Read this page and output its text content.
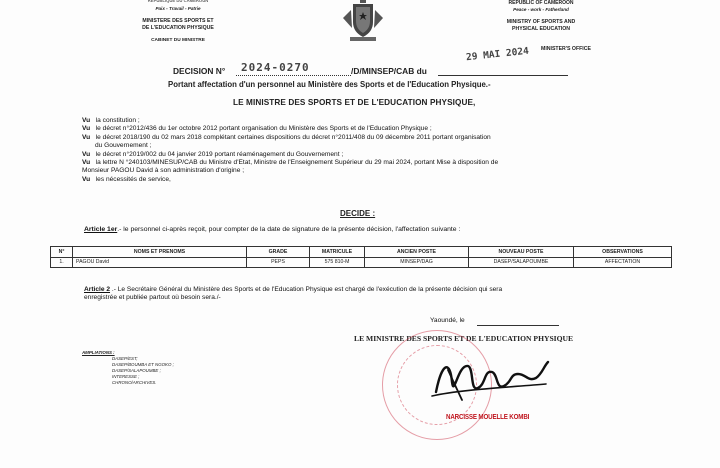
REPUBLIQUE DU CAMEROUN
Paix - Travail - Patrie
MINISTERE DES SPORTS ET
DE L'EDUCATION PHYSIQUE
CABINET DU MINISTRE
REPUBLIC OF CAMEROON
Peace - work - Fatherland
MINISTRY OF SPORTS AND
PHYSICAL EDUCATION
29 MAI 2024 MINISTER'S OFFICE
DECISION N° 2024-0270	/D/MINSEP/CAB du
Portant affectation d'un personnel au Ministère des Sports et de l'Education Physique.-
LE MINISTRE DES SPORTS ET DE L'EDUCATION PHYSIQUE,
Vu la constitution ;
Vu le décret n°2012/436 du 1er octobre 2012 portant organisation du Ministère des Sports et de l'Education Physique ;
Vu le décret 2018/190 du 02 mars 2018 complétant certaines dispositions du décret n°2011/408 du 09 décembre 2011 portant organisation
du Gouvernement ;
Vu le décret n°2019/002 du 04 janvier 2019 portant réaménagement du Gouvernement ;
Vu la lettre N °240103/MINESUP/CAB du Ministre d'Etat, Ministre de l'Enseignement Supérieur du 29 mai 2024, portant Mise à disposition de
Monsieur PAGOU David à son administration d'origine ;
Vu les nécessités de service,
DECIDE :
Article 1er.- le personnel ci-après reçoit, pour compter de la date de signature de la présente décision, l'affectation suivante :
N°	NOMS ET PRENOMS	GRADE	MATRICULE	ANCIEN POSTE	NOUVEAU POSTE	OBSERVATIONS
1.	PAGOU David	PEPS	575 810-M	MINSEP/DAG	DASEP/SALAPOUMBE	AFFECTATION
Article 2 .- Le Secrétaire Général du Ministère des Sports et de l'Education Physique est chargé de l'exécution de la présente décision qui sera
enregistrée et publiée partout où besoin sera./-
Yaoundé, le
LE MINISTRE DES SPORTS ET DE L'EDUCATION PHYSIQUE
AMPLIATIONS :
DASEP/EST;
DASEP/BOUMBA ET NGOKO ;
DASEP/SALAPOUMBE ;
INTERESSE ;
CHRONO/ARCHIVES.
NARCISSE MOUELLE KOMBI
